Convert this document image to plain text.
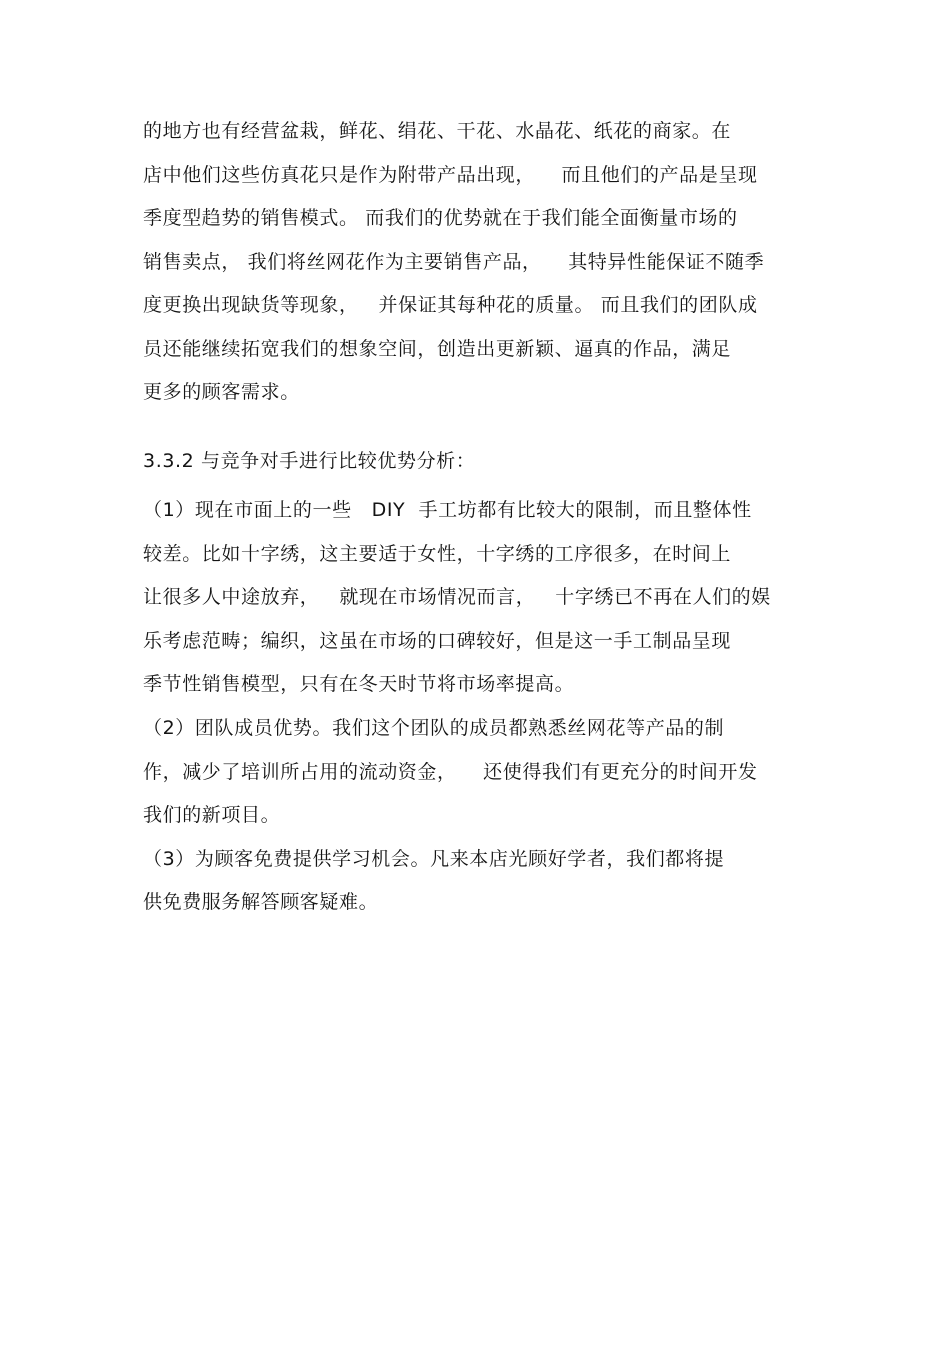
的地方也有经营盆栽，鲜花、绢花、干花、水晶花、纸花的商家。在
店中他们这些仿真花只是作为附带产品出现，    而且他们的产品是呈现
季度型趋势的销售模式。 而我们的优势就在于我们能全面衡量市场的
销售卖点， 我们将丝网花作为主要销售产品，    其特异性能保证不随季
度更换出现缺货等现象，   并保证其每种花的质量。 而且我们的团队成
员还能继续拓宽我们的想象空间，创造出更新颖、逼真的作品，满足
更多的顾客需求。
3.3.2 与竞争对手进行比较优势分析：
（1）现在市面上的一些   DIY  手工坊都有比较大的限制，而且整体性
较差。比如十字绣，这主要适于女性，十字绣的工序很多，在时间上
让很多人中途放弃，   就现在市场情况而言，   十字绣已不再在人们的娱
乐考虑范畴；编织，这虽在市场的口碑较好，但是这一手工制品呈现
季节性销售模型，只有在冬天时节将市场率提高。
（2）团队成员优势。我们这个团队的成员都熟悉丝网花等产品的制
作，减少了培训所占用的流动资金，    还使得我们有更充分的时间开发
我们的新项目。
（3）为顾客免费提供学习机会。凡来本店光顾好学者，我们都将提
供免费服务解答顾客疑难。
